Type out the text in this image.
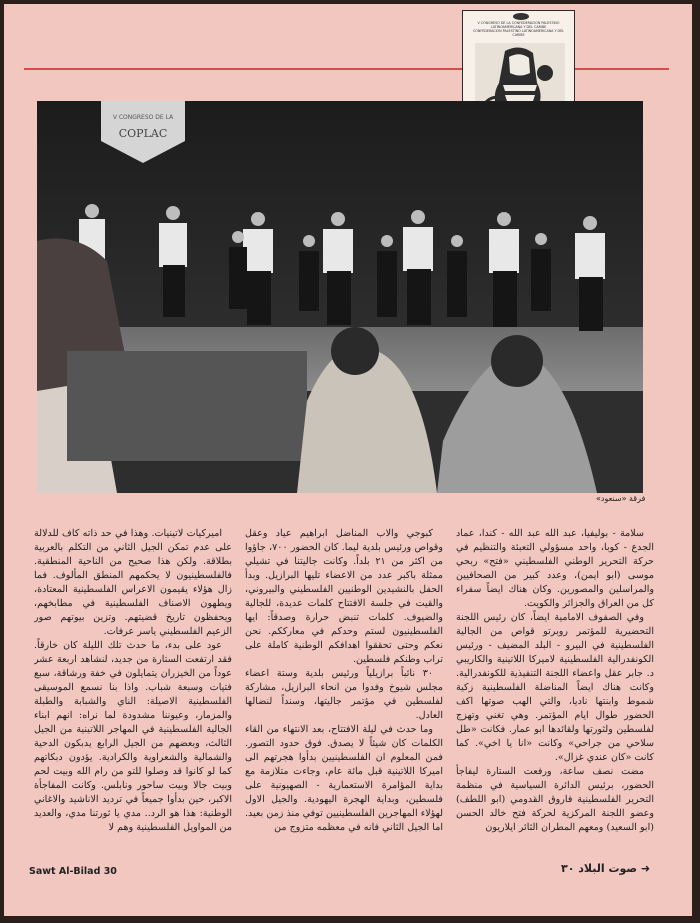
V CONGRESO DE LA CONFEDERACION PALESTINO LATINOAMERICANA Y DEL CARIBE
CONFEDERACION PALESTINO LATINOAMERICANA Y DEL CARIBE
V CONGRESO DE LA
COPLAC
فرقة «سنعود»

سلامة - بوليفيا، عبد الله عبد الله - كندا، عماد الجدع - كوبا، واحد مسؤولي التعبئة والتنظيم في حركة التحرير الوطني الفلسطيني «فتح» ربحي موسى (ابو ايمن)، وعدد كبير من الصحافيين والمراسلين والمصورين. وكان هناك ايضاً سفراء كل من العراق والجزائر والكويت.

وفي الصفوف الامامية ايضاً، كان رئيس اللجنة التحضيرية للمؤتمر روبرتو قواص من الجالية الفلسطينية في البيرو - البلد المضيف - ورئيس الكونفدرالية الفلسطينية لاميركا اللاتينية والكاريبي د. جابر عقل واعضاء اللجنة التنفيذية للكونفدرالية. وكانت هناك ايضاً المناضلة الفلسطينية زكية شموط وابنتها ناديا، والتي الهب صوتها اكف الحضور طوال ايام المؤتمر. وهي تغني وتهزج لفلسطين ولثورتها ولقائدها ابو عمار. فكانت «طل سلاحي من جراحي» وكانت «انا يا اخي». كما كانت «كان عندي غزال».

مضت نصف ساعة، ورفعت الستارة ليفاجأ الحضور، برئيس الدائرة السياسية في منظمة التحرير الفلسطينية فاروق القدومي (ابو اللطف) وعضو اللجنة المركزية لحركة فتح خالد الحسن (ابو السعيد) ومعهم المطران الثائر ايلاريون

كبوجي والاب المناضل ابراهيم عياد وعقل وقواص ورئيس بلدية ليما. كان الحضور ٧٠٠، جاؤوا من اكثر من ٢١ بلداً. وكانت جاليتنا في تشيلي ممثلة باكبر عدد من الاعضاء تليها البرازيل. وبدأ الحفل بالنشيدين الوطنيين الفلسطيني والبيروني، والقيت في جلسة الافتتاح كلمات عديدة، للجالية والضيوف. كلمات تنبض حرارة وصدقاً: ايها الفلسطينيون لستم وحدكم في معارككم. نحن نعكم وحتى تحققوا اهدافكم الوطنية كاملة على تراب وطنكم فلسطين.

٣٠ نائباً برازيلياً ورئيس بلدية وستة اعضاء مجلس شيوخ وفدوا من انحاء البرازيل، مشاركة لفلسطين في مؤتمر جاليتها، وسنداً لنضالها العادل.

وما حدث في ليلة الافتتاح، بعد الانتهاء من القاء الكلمات كان شيئاً لا يصدق. فوق حدود التصور. فمن المعلوم ان الفلسطينيين بدأوا هجرتهم الى اميركا اللاتينية قبل مائة عام، وجاءت متلازمة مع بداية المؤامرة الاستعمارية - الصهيونية على فلسطين، وبداية الهجرة اليهودية. والجيل الاول لهؤلاء المهاجرين الفلسطينيين توفي منذ زمن بعيد. اما الجيل الثاني فانه في معظمه متزوج من

اميركيات لاتينيات. وهذا في حد ذاته كاف للدلالة على عدم تمكن الجيل الثاني من التكلم بالعربية بطلاقة. ولكن هذا صحيح من الناحية المنطقية. فالفلسطينيون لا يحكمهم المنطق المألوف. فما زال هؤلاء يقيمون الاعراس الفلسطينية المعتادة، ويطهون الاصناف الفلسطينية في مطابخهم، ويحفظون تاريخ قضيتهم. وتزين بيوتهم صور الزعيم الفلسطيني ياسر عرفات.

عود على بدء، ما حدث تلك الليلة كان خارقاً. فقد ارتفعت الستارة من جديد، لنشاهد اربعة عشر عوداً من الخيزران يتمايلون في خفة ورشاقة، سبع فتيات وسبعة شباب. واذا بنا نسمع الموسيقى الفلسطينية الاصيلة: الناي والشبابة والطبلة والمزمار، وعيوننا مشدودة لما نراه: انهم ابناء الجالية الفلسطينية في المهاجر اللاتينية من الجيل الثالث، وبعضهم من الجيل الرابع يدبكون الدحية والشمالية والشعراوية والكرادية. يؤدون دبكاتهم كما لو كانوا قد وصلوا للتو من رام الله وبيت لحم وبيت جالا وبيت ساحور ونابلس. وكانت المفاجأة الاكبر، حين بدأوا جميعاً في ترديد الاناشيد والاغاني الوطنية: هذا هو الرد.. مدي يا ثورتنا مدي، والعديد من المواويل الفلسطينية وهم لا

Sawt Al-Bilad 30	➜ صوت البلاد ٣٠
